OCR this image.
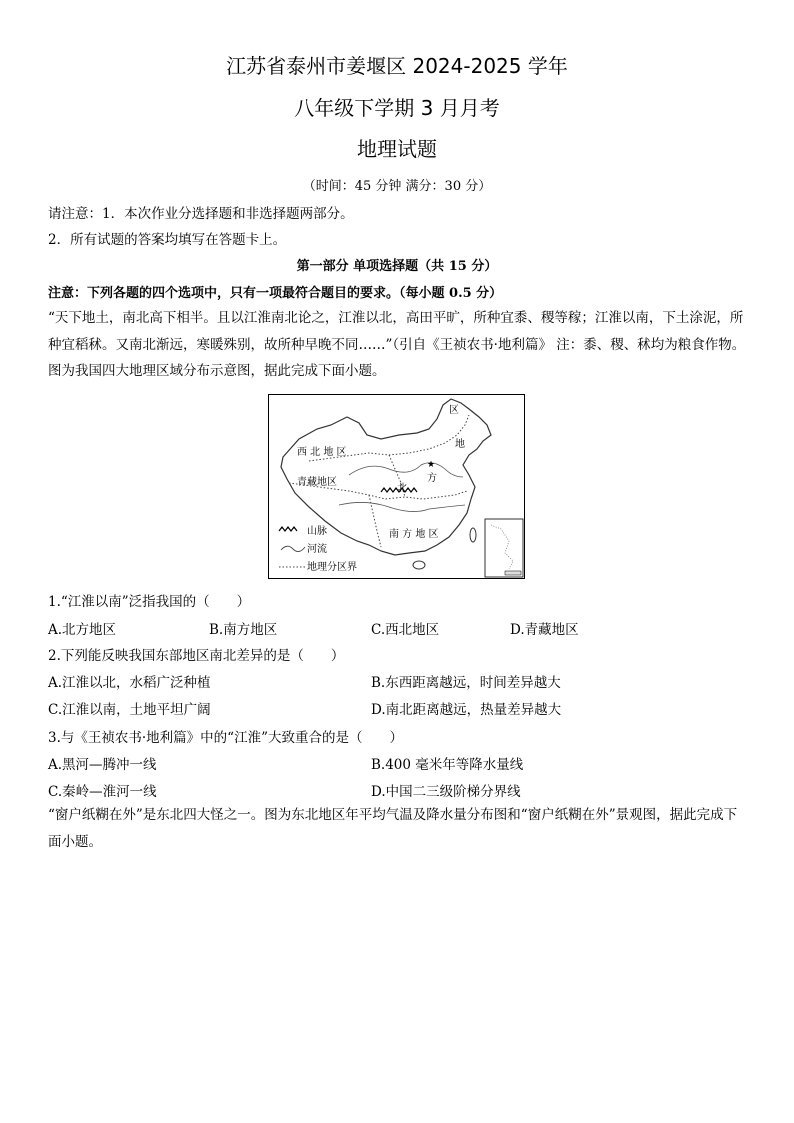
江苏省泰州市姜堰区 2024-2025 学年
八年级下学期 3 月月考
地理试题
（时间：45 分钟 满分：30 分）
请注意：1．本次作业分选择题和非选择题两部分。
2．所有试题的答案均填写在答题卡上。
第一部分 单项选择题（共 15 分）
注意：下列各题的四个选项中，只有一项最符合题目的要求。（每小题 0.5 分）
“天下地土，南北高下相半。且以江淮南北论之，江淮以北，高田平旷，所种宜黍、稷等稼；江淮以南，下土涂泥，所种宜稻秫。又南北渐远，寒暖殊别，故所种早晚不同……”（引自《王祯农书·地利篇》 注：黍、稷、秫均为粮食作物。图为我国四大地理区域分布示意图，据此完成下面小题。
★
西 北 地 区
青藏地区
区
地
方
北
南 方 地 区
山脉
河流
地理分区界
1.“江淮以南”泛指我国的（　　）
A.北方地区	B.南方地区	C.西北地区	D.青藏地区
2.下列能反映我国东部地区南北差异的是（　　）
A.江淮以北，水稻广泛种植	B.东西距离越远，时间差异越大
C.江淮以南，土地平坦广阔	D.南北距离越远，热量差异越大
3.与《王祯农书·地利篇》中的“江淮”大致重合的是（　　）
A.黑河—腾冲一线	B.400 毫米年等降水量线
C.秦岭—淮河一线	D.中国二三级阶梯分界线
“窗户纸糊在外”是东北四大怪之一。图为东北地区年平均气温及降水量分布图和“窗户纸糊在外”景观图，据此完成下面小题。
